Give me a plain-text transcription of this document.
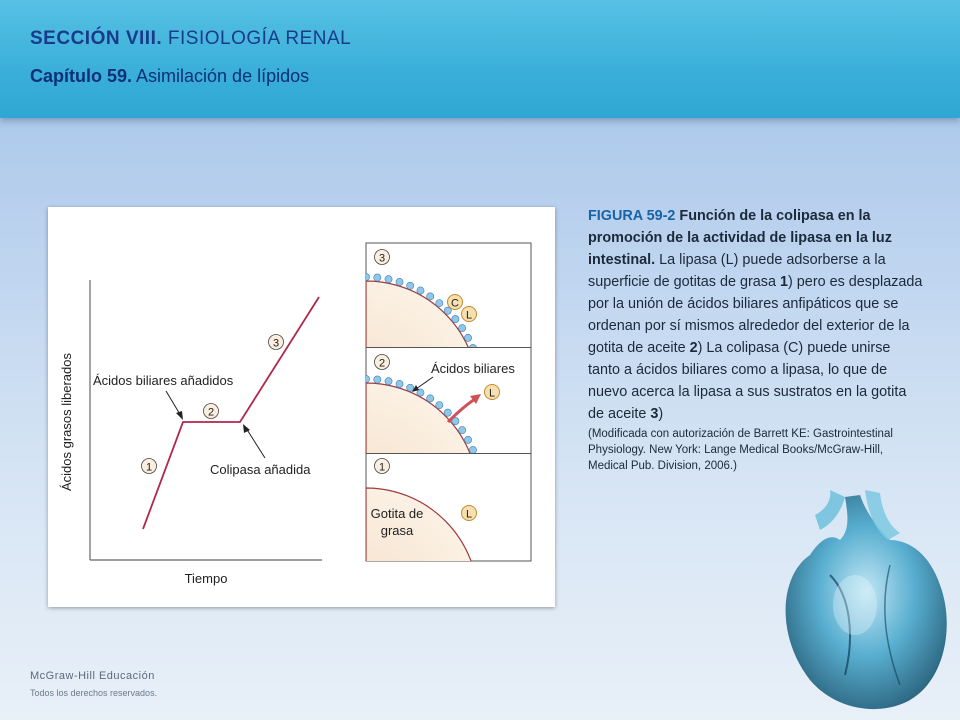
SECCIÓN VIII. FISIOLOGÍA RENAL
Capítulo 59. Asimilación de lípidos
Ácidos grasos liberados
Tiempo
1
2
3
Ácidos biliares añadidos
Colipasa añadida
3
C
L
2	Ácidos biliares
L
1
Gotita de
grasa
L
FIGURA 59-2 Función de la colipasa en la promoción de la actividad de lipasa en la luz intestinal. La lipasa (L) puede adsorberse a la superficie de gotitas de grasa 1) pero es desplazada por la unión de ácidos biliares anfipáticos que se ordenan por sí mismos alrededor del exterior de la gotita de aceite 2) La colipasa (C) puede unirse tanto a ácidos biliares como a lipasa, lo que de nuevo acerca la lipasa a sus sustratos en la gotita de aceite 3)
(Modificada con autorización de Barrett KE: Gastrointestinal Physiology. New York: Lange Medical Books/McGraw-Hill, Medical Pub. Division, 2006.)
McGraw-Hill Educación
Todos los derechos reservados.
